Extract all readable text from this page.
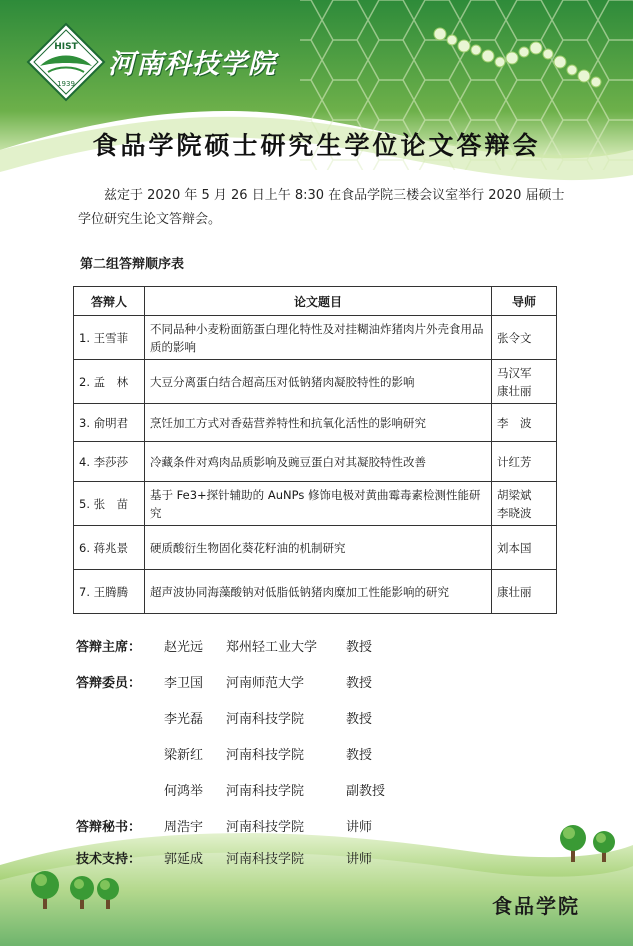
HIST
1939
河南科技学院
食品学院硕士研究生学位论文答辩会
兹定于 2020 年 5 月 26 日上午 8:30 在食品学院三楼会议室举行 2020 届硕士学位研究生论文答辩会。
第二组答辩顺序表
答辩人	论文题目	导师
1. 王雪菲	不同品种小麦粉面筋蛋白理化特性及对挂糊油炸猪肉片外壳食用品质的影响	张令文
2. 孟　林	大豆分离蛋白结合超高压对低钠猪肉凝胶特性的影响	马汉军
康壮丽
3. 俞明君	烹饪加工方式对香菇营养特性和抗氧化活性的影响研究	李　波
4. 李莎莎	冷藏条件对鸡肉品质影响及豌豆蛋白对其凝胶特性改善	计红芳
5. 张　苗	基于 Fe3+探针辅助的 AuNPs 修饰电极对黄曲霉毒素检测性能研究	胡梁斌
李晓波
6. 蒋兆景	硬质酸衍生物固化葵花籽油的机制研究	刘本国
7. 王腾腾	超声波协同海藻酸钠对低脂低钠猪肉糜加工性能影响的研究	康壮丽
答辩主席：	赵光远 郑州轻工业大学 教授
答辩委员：	李卫国 河南师范大学	教授
李光磊 河南科技学院	教授
梁新红 河南科技学院	教授
何鸿举 河南科技学院	副教授
答辩秘书：	周浩宇 河南科技学院	讲师
技术支持：	郭延成 河南科技学院	讲师
食品学院
